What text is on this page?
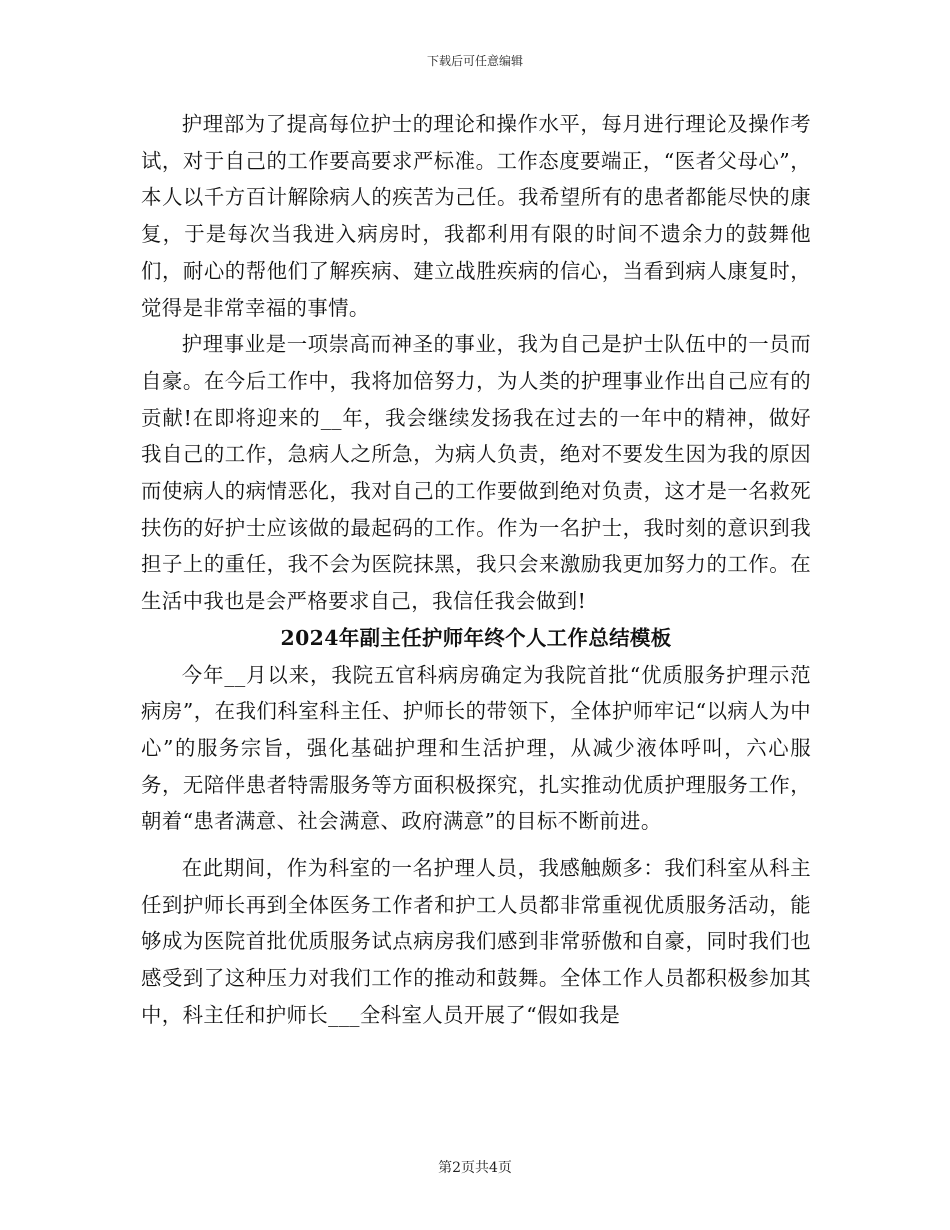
下载后可任意编辑

护理部为了提高每位护士的理论和操作水平，每月进行理论及操作考试，对于自己的工作要高要求严标准。工作态度要端正，“医者父母心”，本人以千方百计解除病人的疾苦为己任。我希望所有的患者都能尽快的康复，于是每次当我进入病房时，我都利用有限的时间不遗余力的鼓舞他们，耐心的帮他们了解疾病、建立战胜疾病的信心，当看到病人康复时，觉得是非常幸福的事情。

护理事业是一项崇高而神圣的事业，我为自己是护士队伍中的一员而自豪。在今后工作中，我将加倍努力，为人类的护理事业作出自己应有的贡献!在即将迎来的__年，我会继续发扬我在过去的一年中的精神，做好我自己的工作，急病人之所急，为病人负责，绝对不要发生因为我的原因而使病人的病情恶化，我对自己的工作要做到绝对负责，这才是一名救死扶伤的好护士应该做的最起码的工作。作为一名护士，我时刻的意识到我担子上的重任，我不会为医院抹黑，我只会来激励我更加努力的工作。在生活中我也是会严格要求自己，我信任我会做到!

2024年副主任护师年终个人工作总结模板

今年__月以来，我院五官科病房确定为我院首批“优质服务护理示范病房”，在我们科室科主任、护师长的带领下，全体护师牢记“以病人为中心”的服务宗旨，强化基础护理和生活护理，从减少液体呼叫，六心服务，无陪伴患者特需服务等方面积极探究，扎实推动优质护理服务工作，朝着“患者满意、社会满意、政府满意”的目标不断前进。

在此期间，作为科室的一名护理人员，我感触颇多：我们科室从科主任到护师长再到全体医务工作者和护工人员都非常重视优质服务活动，能够成为医院首批优质服务试点病房我们感到非常骄傲和自豪，同时我们也感受到了这种压力对我们工作的推动和鼓舞。全体工作人员都积极参加其中，科主任和护师长___全科室人员开展了“假如我是

第2页共4页
